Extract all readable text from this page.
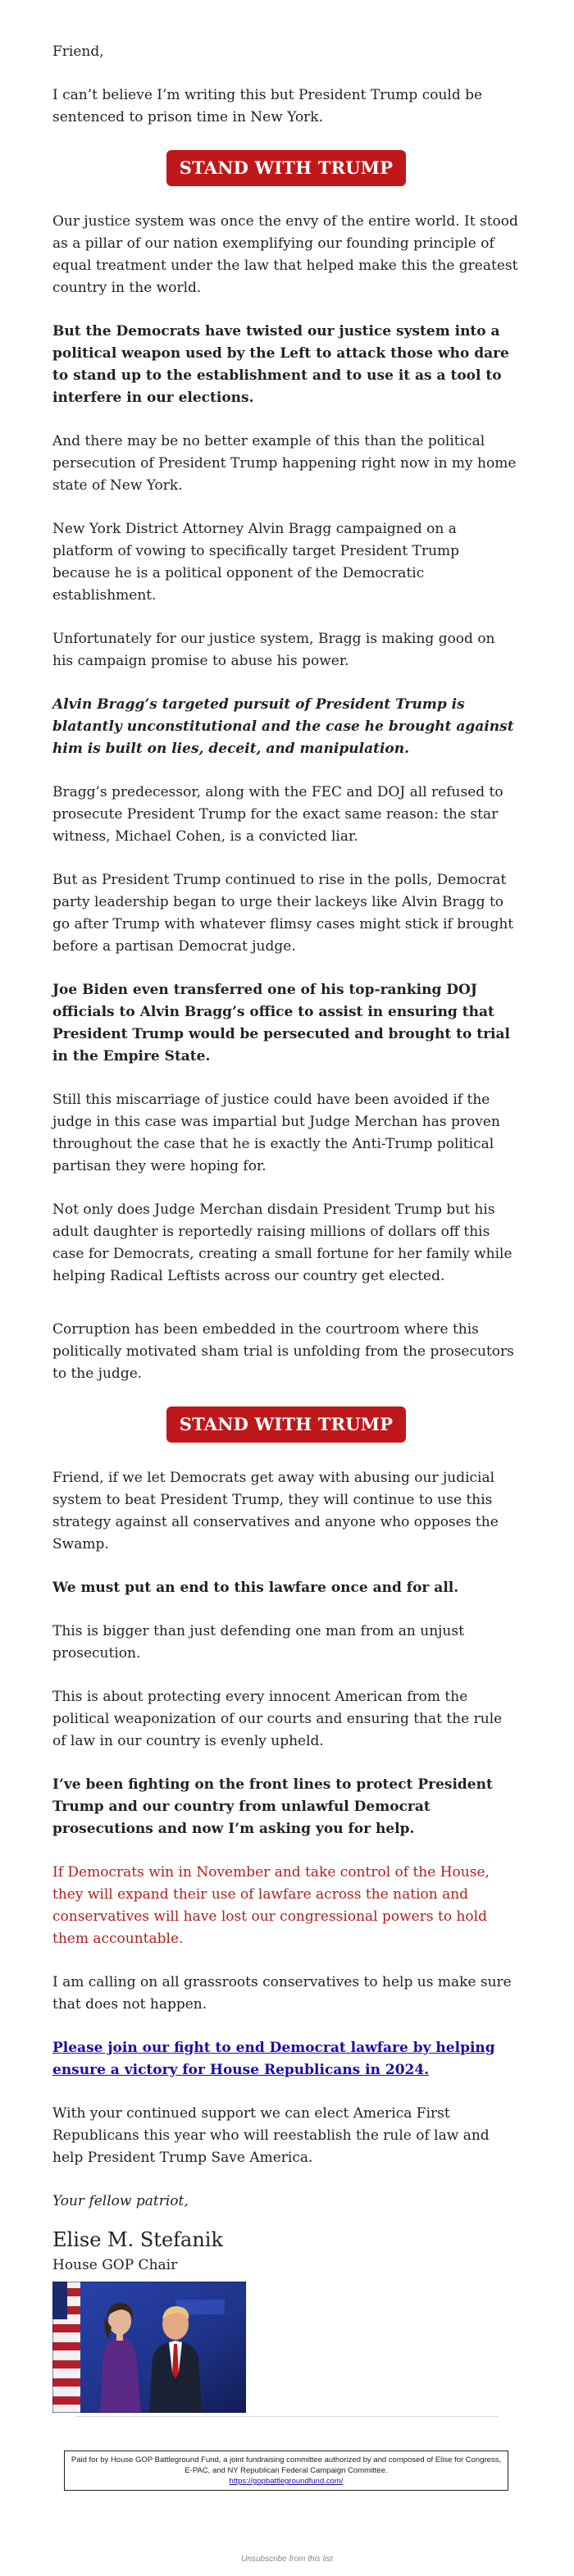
Friend,

I can’t believe I’m writing this but President Trump could be sentenced to prison time in New York.

STAND WITH TRUMP

Our justice system was once the envy of the entire world. It stood as a pillar of our nation exemplifying our founding principle of equal treatment under the law that helped make this the greatest country in the world.

But the Democrats have twisted our justice system into a political weapon used by the Left to attack those who dare to stand up to the establishment and to use it as a tool to interfere in our elections.

And there may be no better example of this than the political persecution of President Trump happening right now in my home state of New York.

New York District Attorney Alvin Bragg campaigned on a platform of vowing to specifically target President Trump because he is a political opponent of the Democratic establishment.

Unfortunately for our justice system, Bragg is making good on his campaign promise to abuse his power.

Alvin Bragg’s targeted pursuit of President Trump is blatantly unconstitutional and the case he brought against him is built on lies, deceit, and manipulation.

Bragg’s predecessor, along with the FEC and DOJ all refused to prosecute President Trump for the exact same reason: the star witness, Michael Cohen, is a convicted liar.

But as President Trump continued to rise in the polls, Democrat party leadership began to urge their lackeys like Alvin Bragg to go after Trump with whatever flimsy cases might stick if brought before a partisan Democrat judge.

Joe Biden even transferred one of his top-ranking DOJ officials to Alvin Bragg’s office to assist in ensuring that President Trump would be persecuted and brought to trial in the Empire State.

Still this miscarriage of justice could have been avoided if the judge in this case was impartial but Judge Merchan has proven throughout the case that he is exactly the Anti-Trump political partisan they were hoping for.

Not only does Judge Merchan disdain President Trump but his adult daughter is reportedly raising millions of dollars off this case for Democrats, creating a small fortune for her family while helping Radical Leftists across our country get elected.

Corruption has been embedded in the courtroom where this politically motivated sham trial is unfolding from the prosecutors to the judge.

STAND WITH TRUMP

Friend, if we let Democrats get away with abusing our judicial system to beat President Trump, they will continue to use this strategy against all conservatives and anyone who opposes the Swamp.

We must put an end to this lawfare once and for all.

This is bigger than just defending one man from an unjust prosecution.

This is about protecting every innocent American from the political weaponization of our courts and ensuring that the rule of law in our country is evenly upheld.

I’ve been fighting on the front lines to protect President Trump and our country from unlawful Democrat prosecutions and now I’m asking you for help.

If Democrats win in November and take control of the House, they will expand their use of lawfare across the nation and conservatives will have lost our congressional powers to hold them accountable.

I am calling on all grassroots conservatives to help us make sure that does not happen.

Please join our fight to end Democrat lawfare by helping ensure a victory for House Republicans in 2024.

With your continued support we can elect America First Republicans this year who will reestablish the rule of law and help President Trump Save America.

Your fellow patriot,

Elise M. Stefanik
House GOP Chair
Paid for by House GOP Battleground Fund, a joint fundraising committee authorized by and composed of Elise for Congress, E-PAC, and NY Republican Federal Campaign Committee.
https://gopbattlegroundfund.com/
Unsubscribe from this list
